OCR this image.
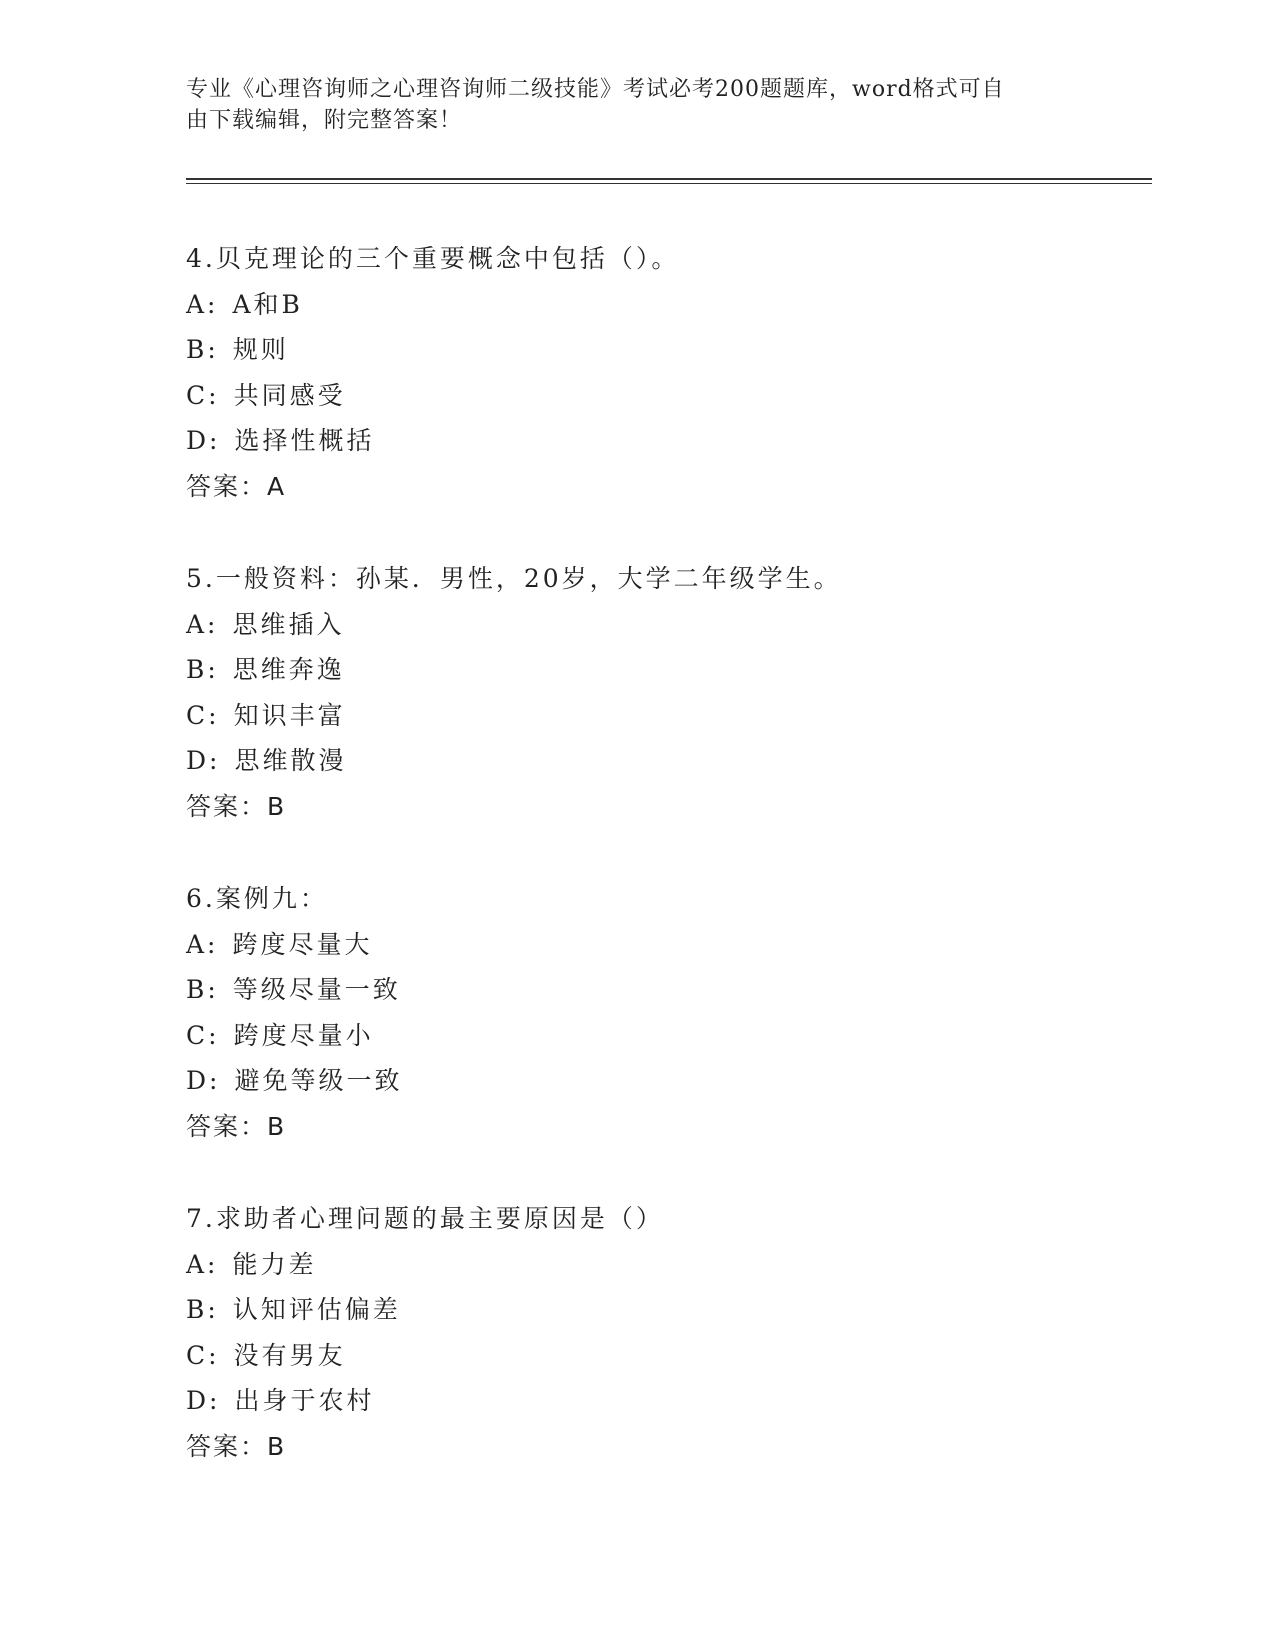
专业《心理咨询师之心理咨询师二级技能》考试必考200题题库，word格式可自
由下载编辑，附完整答案！
4.贝克理论的三个重要概念中包括（）。
A: A和B
B: 规则
C: 共同感受
D: 选择性概括
答案：A
5.一般资料：孙某．男性，20岁，大学二年级学生。
A: 思维插入
B: 思维奔逸
C: 知识丰富
D: 思维散漫
答案：B
6.案例九：
A: 跨度尽量大
B: 等级尽量一致
C: 跨度尽量小
D: 避免等级一致
答案：B
7.求助者心理问题的最主要原因是（）
A: 能力差
B: 认知评估偏差
C: 没有男友
D: 出身于农村
答案：B
